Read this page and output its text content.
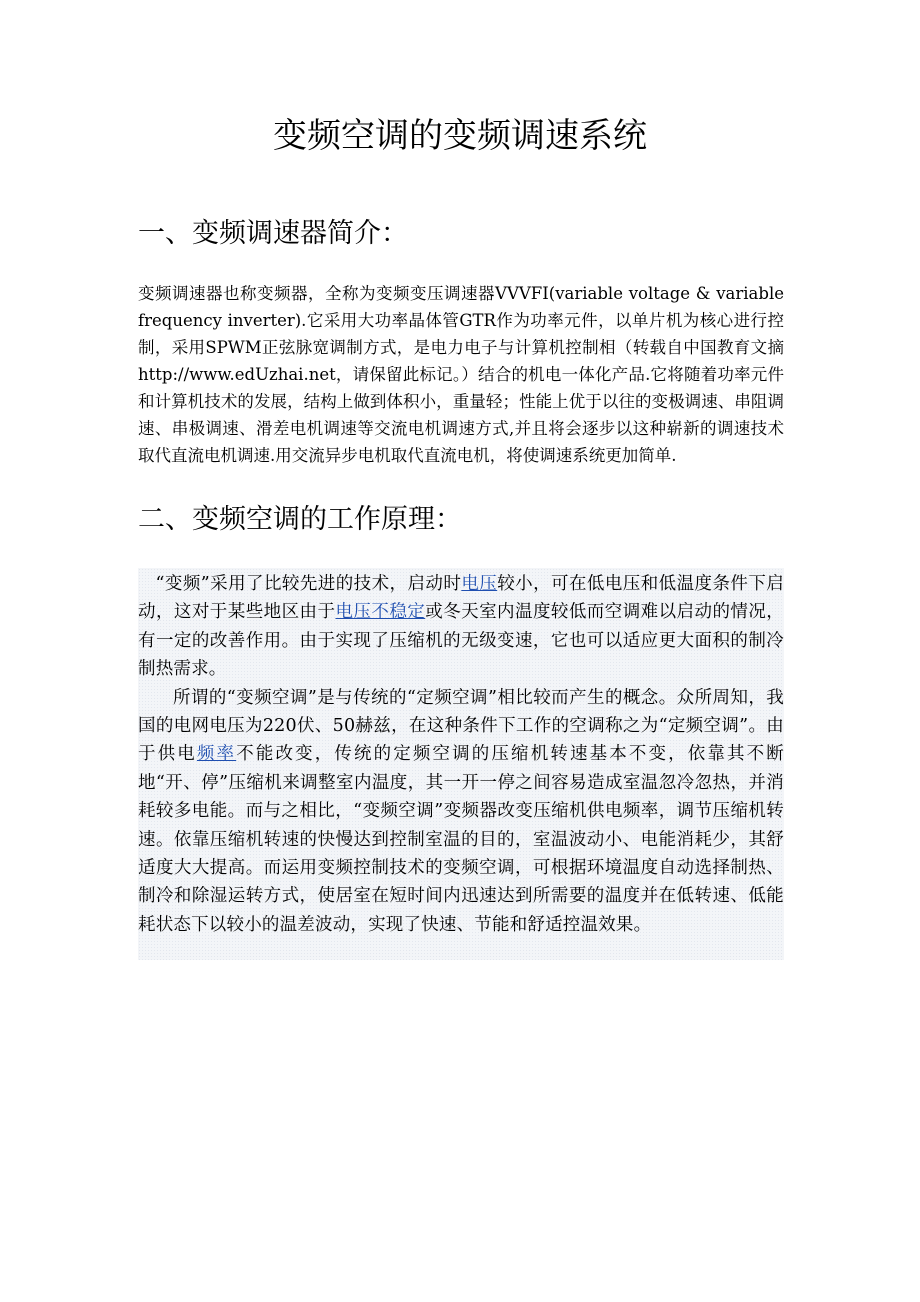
变频空调的变频调速系统
一、变频调速器简介：

变频调速器也称变频器，全称为变频变压调速器VVVFI(variable voltage & variable frequency inverter).它采用大功率晶体管GTR作为功率元件，以单片机为核心进行控制，采用SPWM正弦脉宽调制方式，是电力电子与计算机控制相（转载自中国教育文摘http://www.edUzhai.net，请保留此标记。）结合的机电一体化产品.它将随着功率元件和计算机技术的发展，结构上做到体积小，重量轻；性能上优于以往的变极调速、串阻调速、串极调速、滑差电机调速等交流电机调速方式,并且将会逐步以这种崭新的调速技术取代直流电机调速.用交流异步电机取代直流电机，将使调速系统更加简单.

二、变频空调的工作原理：

“变频”采用了比较先进的技术，启动时电压较小，可在低电压和低温度条件下启动，这对于某些地区由于电压不稳定或冬天室内温度较低而空调难以启动的情况，有一定的改善作用。由于实现了压缩机的无级变速，它也可以适应更大面积的制冷制热需求。

所谓的“变频空调”是与传统的“定频空调”相比较而产生的概念。众所周知，我国的电网电压为220伏、50赫兹，在这种条件下工作的空调称之为“定频空调”。由于供电频率不能改变，传统的定频空调的压缩机转速基本不变，依靠其不断地“开、停”压缩机来调整室内温度，其一开一停之间容易造成室温忽冷忽热，并消耗较多电能。而与之相比，“变频空调”变频器改变压缩机供电频率，调节压缩机转速。依靠压缩机转速的快慢达到控制室温的目的，室温波动小、电能消耗少，其舒适度大大提高。而运用变频控制技术的变频空调，可根据环境温度自动选择制热、制冷和除湿运转方式，使居室在短时间内迅速达到所需要的温度并在低转速、低能耗状态下以较小的温差波动，实现了快速、节能和舒适控温效果。
